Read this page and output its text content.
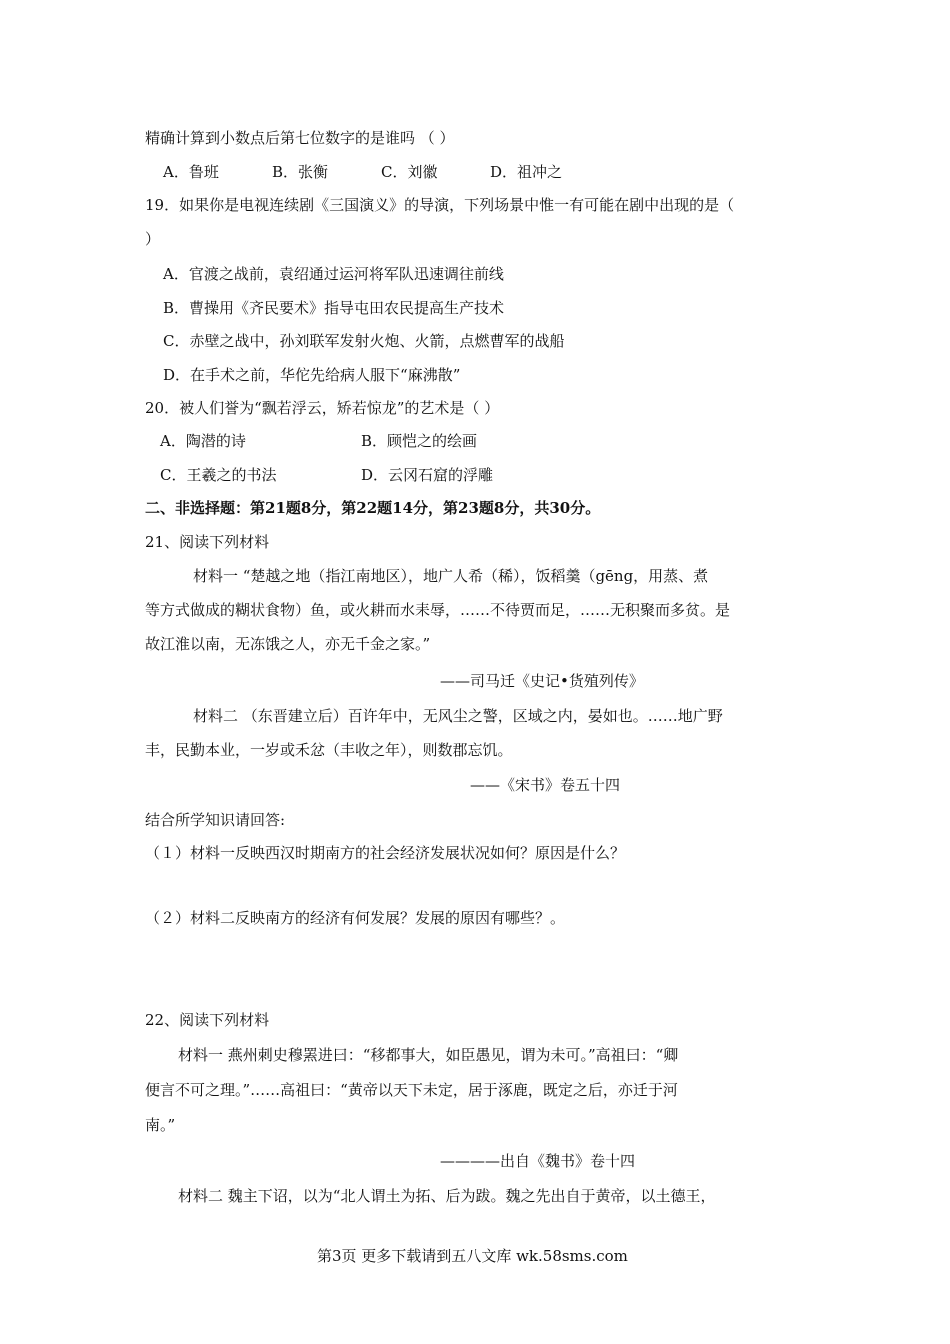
精确计算到小数点后第七位数字的是谁吗 （ ）
A．鲁班	B．张衡	C．刘徽	D．祖冲之
19．如果你是电视连续剧《三国演义》的导演，下列场景中惟一有可能在剧中出现的是（
）
A．官渡之战前，袁绍通过运河将军队迅速调往前线
B．曹操用《齐民要术》指导屯田农民提高生产技术
C．赤壁之战中，孙刘联军发射火炮、火箭，点燃曹军的战船
D．在手术之前，华佗先给病人服下“麻沸散”
20．被人们誉为“飘若浮云，矫若惊龙”的艺术是（ ）
A．陶潜的诗	B．顾恺之的绘画
C．王羲之的书法	D．云冈石窟的浮雕
二、非选择题：第21题8分，第22题14分，第23题8分，共30分。
21、阅读下列材料
材料一 “楚越之地（指江南地区），地广人希（稀），饭稻羹（gēng，用蒸、煮
等方式做成的糊状食物）鱼，或火耕而水耒辱，……不待贾而足，……无积聚而多贫。是
故江淮以南，无冻饿之人，亦无千金之家。”
——司马迁《史记•货殖列传》
材料二 （东晋建立后）百许年中，无风尘之警，区域之内，晏如也。……地广野
丰，民勤本业，一岁或禾忿（丰收之年），则数郡忘饥。
——《宋书》卷五十四
结合所学知识请回答:
（１）材料一反映西汉时期南方的社会经济发展状况如何？原因是什么？
（２）材料二反映南方的经济有何发展？发展的原因有哪些？。
22、阅读下列材料
材料一 燕州刺史穆罴进曰：“移都事大，如臣愚见，谓为未可。”高祖曰：“卿
便言不可之理。”……高祖曰：“黄帝以天下未定，居于涿鹿，既定之后，亦迁于河
南。”
————出自《魏书》卷十四
材料二 魏主下诏，以为“北人谓土为拓、后为跋。魏之先出自于黄帝，以土德王，
第3页 更多下载请到五八文库 wk.58sms.com
